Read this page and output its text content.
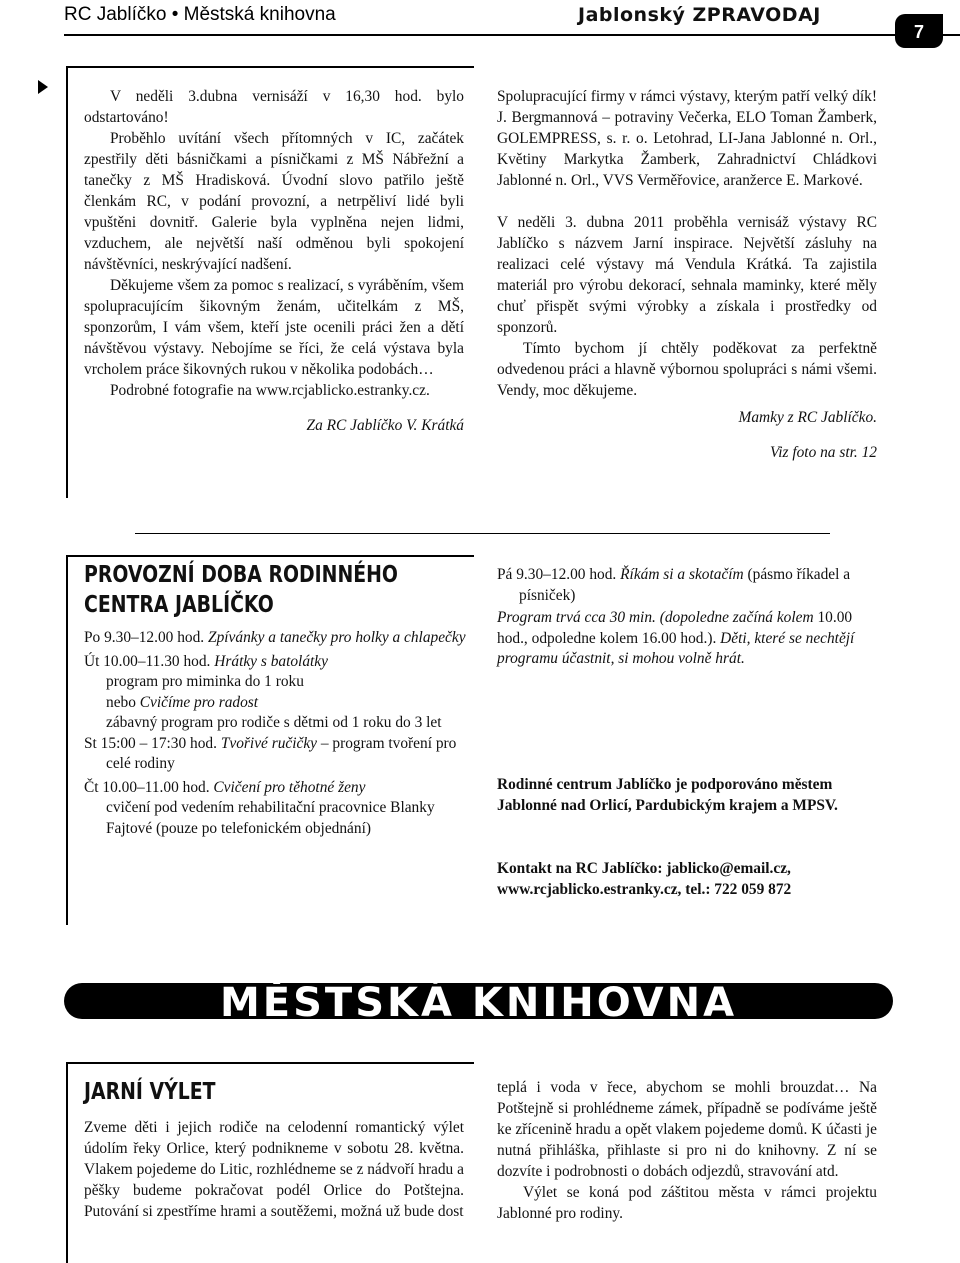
RC Jablíčko • Městská knihovna	Jablonský ZPRAVODAJ
7

V neděli 3.dubna vernisáží v 16,30 hod. bylo odstartováno!

Proběhlo uvítání všech přítomných v IC, začátek zpestřily děti básničkami a písničkami z MŠ Nábřežní a tanečky z MŠ Hradisková. Úvodní slovo patřilo ještě členkám RC, v podání provozní, a netrpěliví lidé byli vpuštěni dovnitř. Galerie byla vyplněna nejen lidmi, vzduchem, ale největší naší odměnou byli spokojení návštěvníci, neskrývající nadšení.

Děkujeme všem za pomoc s realizací, s vyráběním, všem spolupracujícím šikovným ženám, učitelkám z MŠ, sponzorům, I vám všem, kteří jste ocenili práci žen a dětí návštěvou výstavy. Nebojíme se říci, že celá výstava byla vrcholem práce šikovných rukou v několika podobách…

Podrobné fotografie na www.rcjablicko.estranky.cz.

Za RC Jablíčko V. Krátká

Spolupracující firmy v rámci výstavy, kterým patří velký dík! J. Bergmannová – potraviny Večerka, ELO Toman Žamberk, GOLEMPRESS, s. r. o. Letohrad, LI-Jana Jablonné n. Orl., Květiny Markytka Žamberk, Zahradnictví Chládkovi Jablonné n. Orl., VVS Verměřovice, aranžerce E. Markové.

V neděli 3. dubna 2011 proběhla vernisáž výstavy RC Jablíčko s názvem Jarní inspirace. Největší zásluhy na realizaci celé výstavy má Vendula Krátká. Ta zajistila materiál pro výrobu dekorací, sehnala maminky, které měly chuť přispět svými výrobky a získala i prostředky od sponzorů.

Tímto bychom jí chtěly poděkovat za perfektně odvedenou práci a hlavně výbornou spolupráci s námi všemi. Vendy, moc děkujeme.

Mamky z RC Jablíčko.

Viz foto na str. 12

PROVOZNÍ DOBA RODINNÉHO
CENTRA JABLÍČKO

Po 9.30–12.00 hod. Zpívánky a tanečky pro holky a chlapečky

Út 10.00–11.30 hod. Hrátky s batolátky

program pro miminka do 1 roku

nebo Cvičíme pro radost

zábavný program pro rodiče s dětmi od 1 roku do 3 let

St 15:00 – 17:30 hod. Tvořivé ručičky – program tvoření pro celé rodiny

Čt 10.00–11.00 hod. Cvičení pro těhotné ženy

cvičení pod vedením rehabilitační pracovnice Blanky Fajtové (pouze po telefonickém objednání)

Pá 9.30–12.00 hod. Říkám si a skotačím (pásmo říkadel a písniček)

Program trvá cca 30 min. (dopoledne začíná kolem 10.00 hod., odpoledne kolem 16.00 hod.). Děti, které se nechtějí programu účastnit, si mohou volně hrát.

Rodinné centrum Jablíčko je podporováno městem Jablonné nad Orlicí, Pardubickým krajem a MPSV.
Kontakt na RC Jablíčko: jablicko@email.cz, www.rcjablicko.estranky.cz, tel.: 722 059 872
MĚSTSKÁ KNIHOVNA
JARNÍ VÝLET

Zveme děti i jejich rodiče na celodenní romantický výlet údolím řeky Orlice, který podnikneme v sobotu 28. května. Vlakem pojedeme do Litic, rozhlédneme se z nádvoří hradu a pěšky budeme pokračovat podél Orlice do Potštejna. Putování si zpestříme hrami a soutěžemi, možná už bude dost

teplá i voda v řece, abychom se mohli brouzdat… Na Potštejně si prohlédneme zámek, případně se podíváme ještě ke zřícenině hradu a opět vlakem pojedeme domů. K účasti je nutná přihláška, přihlaste si pro ni do knihovny. Z ní se dozvíte i podrobnosti o dobách odjezdů, stravování atd.

Výlet se koná pod záštitou města v rámci projektu Jablonné pro rodiny.
